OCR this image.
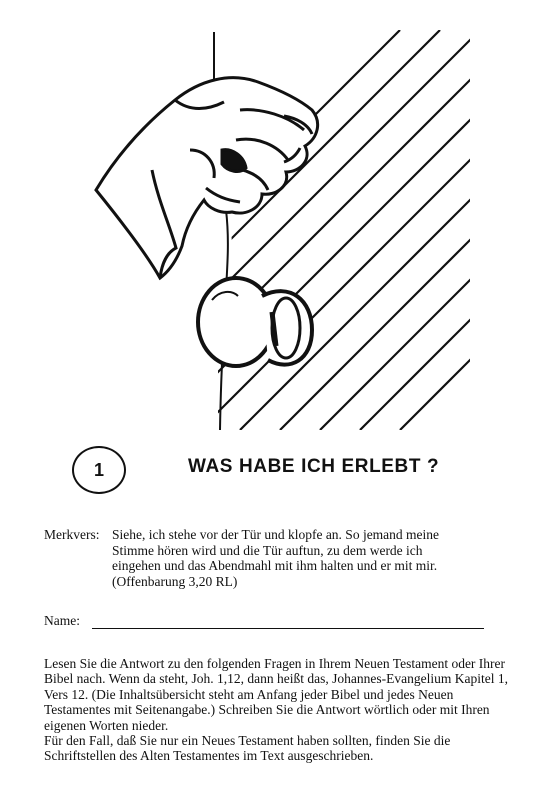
1	WAS HABE ICH ERLEBT ?
Merkvers: Siehe, ich stehe vor der Tür und klopfe an. So jemand meine Stimme hören wird und die Tür auftun, zu dem werde ich eingehen und das Abendmahl mit ihm halten und er mit mir. (Offenbarung 3,20 RL)
Name:
Lesen Sie die Antwort zu den folgenden Fragen in Ihrem Neuen Testament oder Ihrer Bibel nach. Wenn da steht, Joh. 1,12, dann heißt das, Johannes-Evangelium Kapitel 1, Vers 12. (Die Inhaltsübersicht steht am Anfang jeder Bibel und jedes Neuen Testamentes mit Seitenangabe.) Schreiben Sie die Antwort wörtlich oder mit Ihren eigenen Worten nieder.
Für den Fall, daß Sie nur ein Neues Testament haben sollten, finden Sie die Schriftstellen des Alten Testamentes im Text ausgeschrieben.
